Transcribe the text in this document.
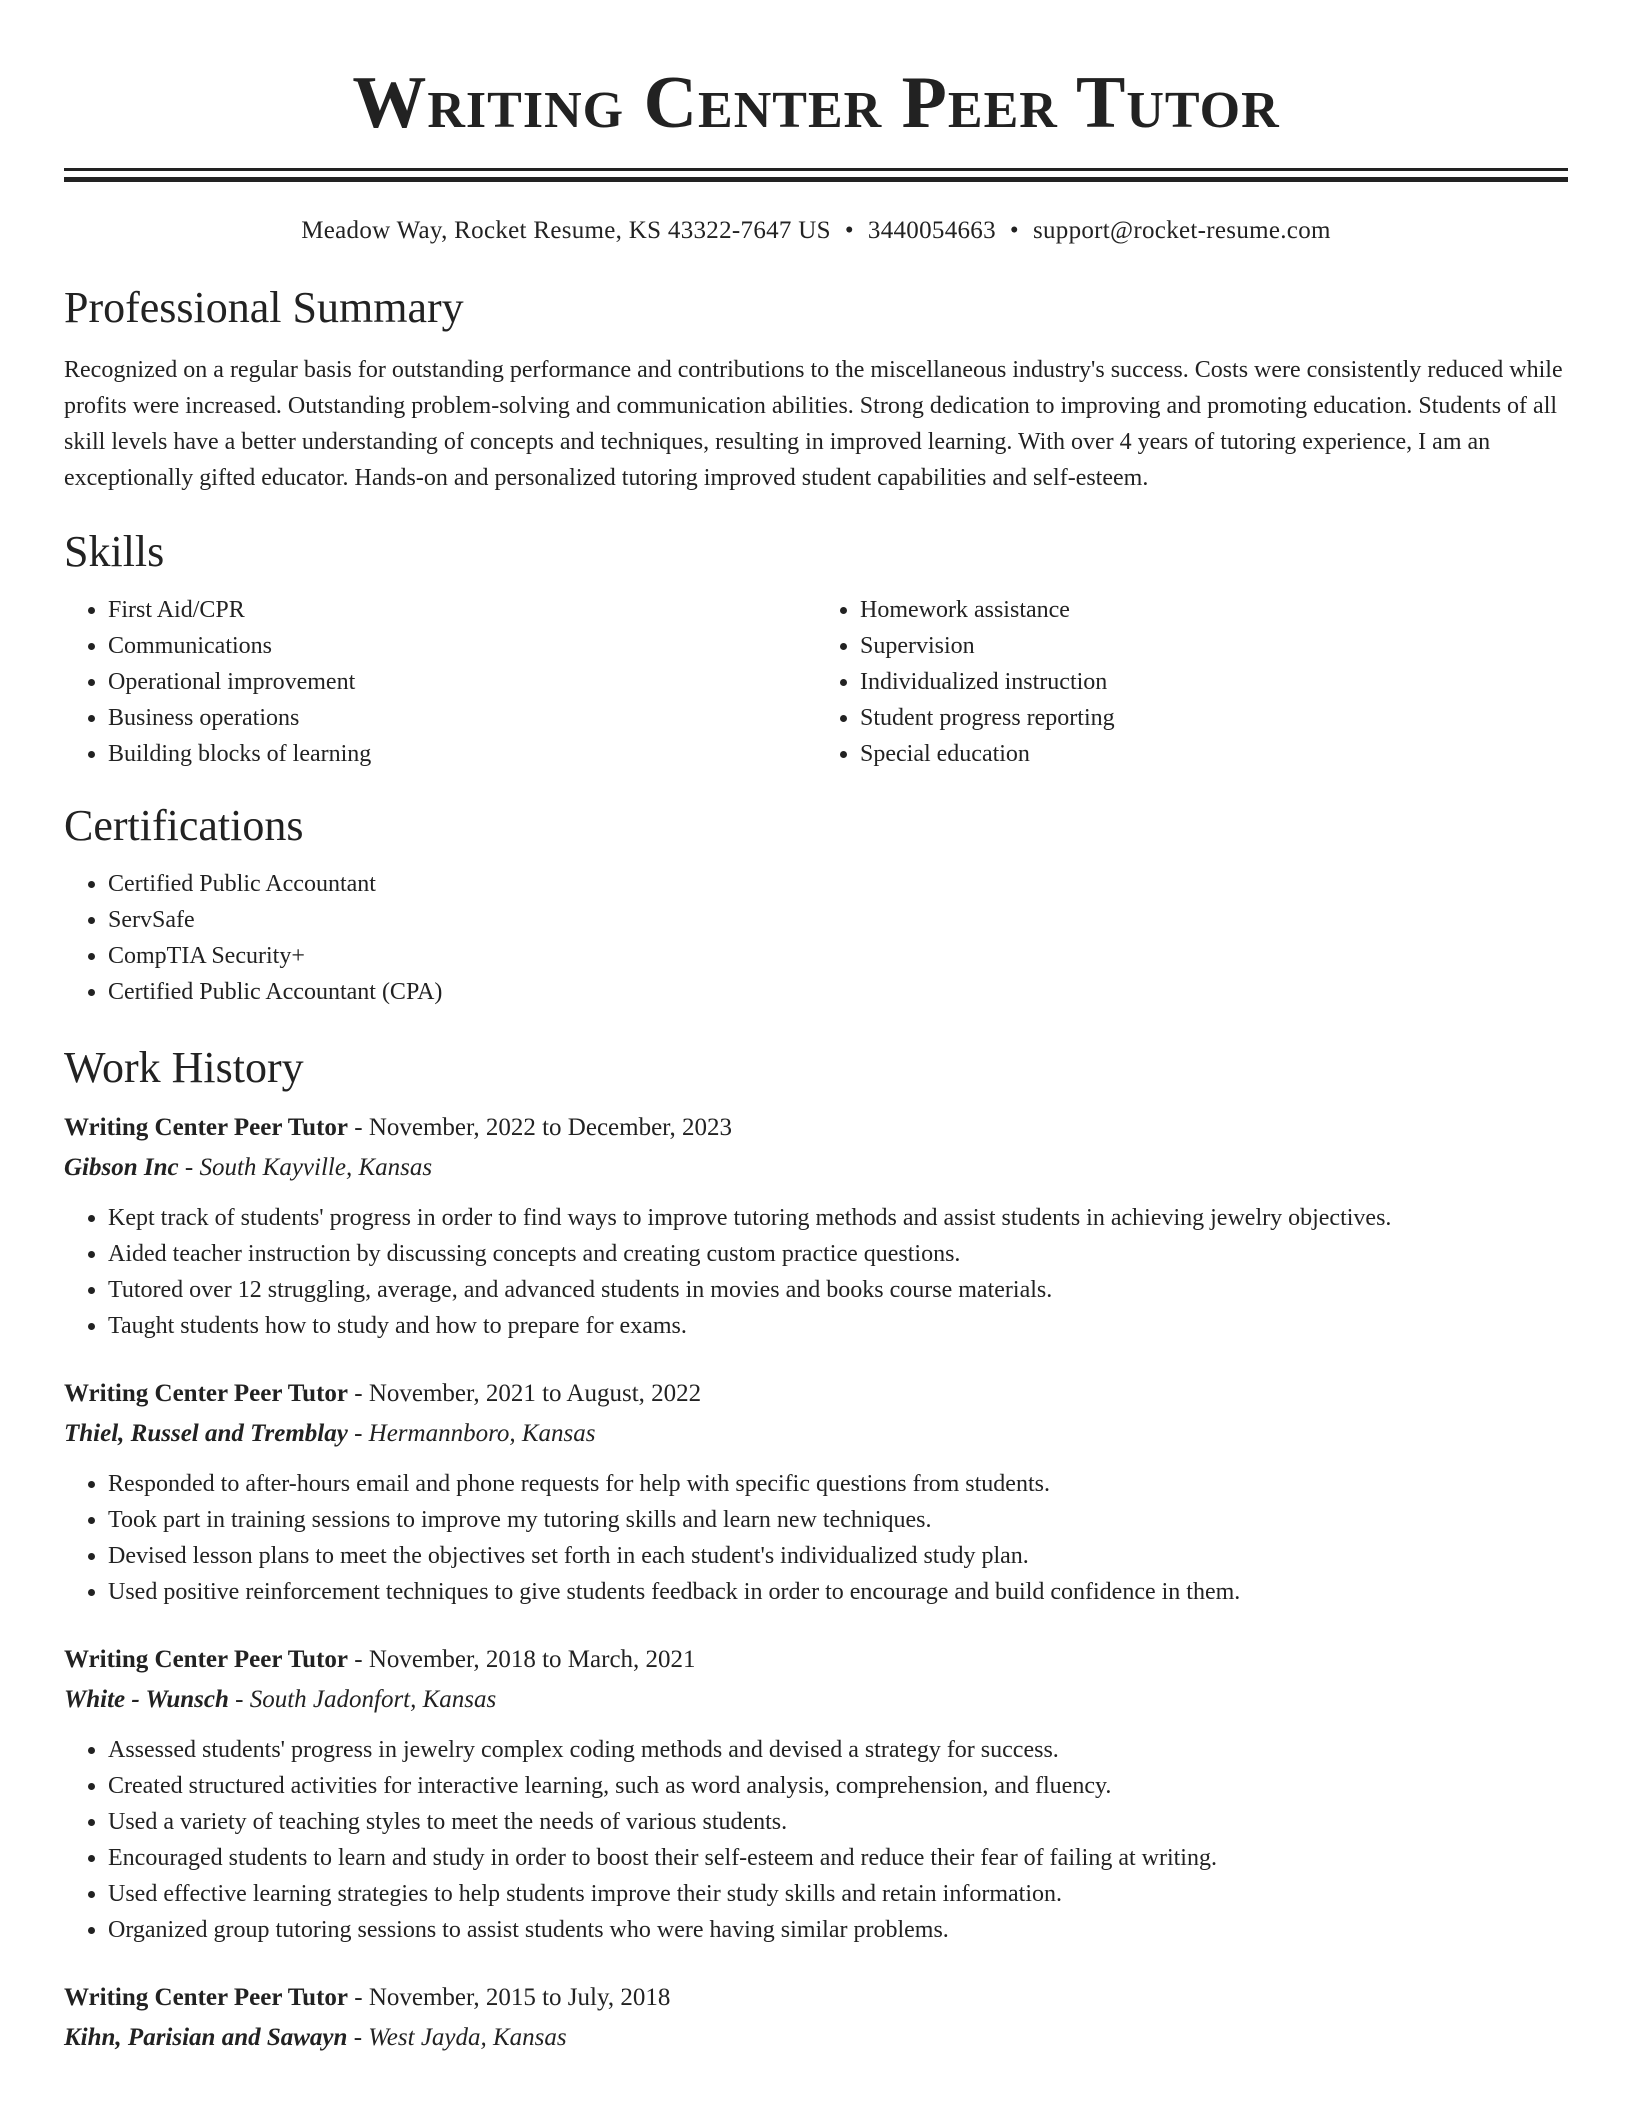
Writing Center Peer Tutor
Meadow Way, Rocket Resume, KS 43322-7647 US • 3440054663 • support@rocket-resume.com
Professional Summary

Recognized on a regular basis for outstanding performance and contributions to the miscellaneous industry's success. Costs were consistently reduced while profits were increased. Outstanding problem-solving and communication abilities. Strong dedication to improving and promoting education. Students of all skill levels have a better understanding of concepts and techniques, resulting in improved learning. With over 4 years of tutoring experience, I am an exceptionally gifted educator. Hands-on and personalized tutoring improved student capabilities and self-esteem.

Skills
• First Aid/CPR
• Communications
• Operational improvement
• Business operations
• Building blocks of learning
• Homework assistance
• Supervision
• Individualized instruction
• Student progress reporting
• Special education
Certifications
• Certified Public Accountant
• ServSafe
• CompTIA Security+
• Certified Public Accountant (CPA)
Work History
Writing Center Peer Tutor - November, 2022 to December, 2023
Gibson Inc - South Kayville, Kansas
• Kept track of students' progress in order to find ways to improve tutoring methods and assist students in achieving jewelry objectives.
• Aided teacher instruction by discussing concepts and creating custom practice questions.
• Tutored over 12 struggling, average, and advanced students in movies and books course materials.
• Taught students how to study and how to prepare for exams.
Writing Center Peer Tutor - November, 2021 to August, 2022
Thiel, Russel and Tremblay - Hermannboro, Kansas
• Responded to after-hours email and phone requests for help with specific questions from students.
• Took part in training sessions to improve my tutoring skills and learn new techniques.
• Devised lesson plans to meet the objectives set forth in each student's individualized study plan.
• Used positive reinforcement techniques to give students feedback in order to encourage and build confidence in them.
Writing Center Peer Tutor - November, 2018 to March, 2021
White - Wunsch - South Jadonfort, Kansas
• Assessed students' progress in jewelry complex coding methods and devised a strategy for success.
• Created structured activities for interactive learning, such as word analysis, comprehension, and fluency.
• Used a variety of teaching styles to meet the needs of various students.
• Encouraged students to learn and study in order to boost their self-esteem and reduce their fear of failing at writing.
• Used effective learning strategies to help students improve their study skills and retain information.
• Organized group tutoring sessions to assist students who were having similar problems.
Writing Center Peer Tutor - November, 2015 to July, 2018
Kihn, Parisian and Sawayn - West Jayda, Kansas
